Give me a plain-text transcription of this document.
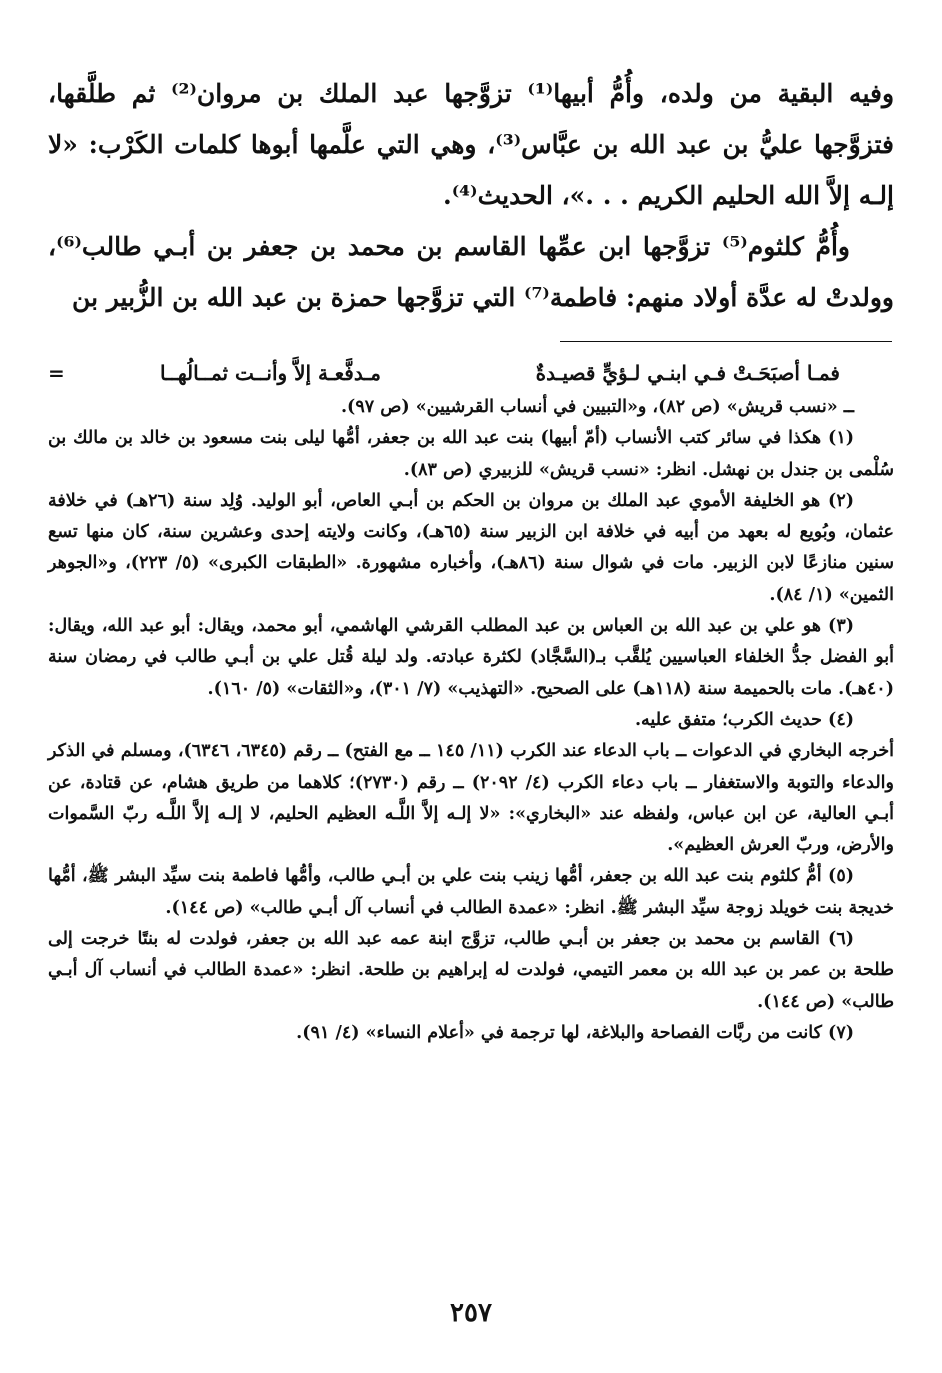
وفيه البقية من ولده، وأُمُّ أبيها⁽¹⁾ تزوَّجها عبد الملك بن مروان⁽²⁾ ثم طلَّقها، فتزوَّجها عليُّ بن عبد الله بن عبَّاس⁽³⁾، وهي التي علَّمها أبوها كلمات الكَرْب: «لا إلـه إلاَّ الله الحليم الكريم . . .»، الحديث⁽⁴⁾.

وأُمُّ كلثوم⁽⁵⁾ تزوَّجها ابن عمِّها القاسم بن محمد بن جعفر بن أبـي طالب⁽⁶⁾، وولدتْ له عدَّة أولاد منهم: فاطمة⁽⁷⁾ التي تزوَّجها حمزة بن عبد الله بن الزُّبير بن

فمـا أصبَحَـتْ فـي ابنـي لـؤيٍّ قصيـدةٌ
مـدفَّعـة إلاَّ وأنــت ثمــالُهــا
=

ــ «نسب قريش» (ص ٨٢)، و«التبيين في أنساب القرشيين» (ص ٩٧).

(١) هكذا في سائر كتب الأنساب (أمّ أبيها) بنت عبد الله بن جعفر، أمُّها ليلى بنت مسعود بن خالد بن مالك بن سُلْمى بن جندل بن نهشل. انظر: «نسب قريش» للزبيري (ص ٨٣).

(٢) هو الخليفة الأموي عبد الملك بن مروان بن الحكم بن أبـي العاص، أبو الوليد. وُلِد سنة (٢٦هـ) في خلافة عثمان، وبُويع له بعهد من أبيه في خلافة ابن الزبير سنة (٦٥هـ)، وكانت ولايته إحدى وعشرين سنة، كان منها تسع سنين منازعًا لابن الزبير. مات في شوال سنة (٨٦هـ)، وأخباره مشهورة. «الطبقات الكبرى» (٥/ ٢٢٣)، و«الجوهر الثمين» (١/ ٨٤).

(٣) هو علي بن عبد الله بن العباس بن عبد المطلب القرشي الهاشمي، أبو محمد، ويقال: أبو عبد الله، ويقال: أبو الفضل جدُّ الخلفاء العباسيين يُلقَّب بـ(السَّجَّاد) لكثرة عبادته. ولد ليلة قُتل علي بن أبـي طالب في رمضان سنة (٤٠هـ). مات بالحميمة سنة (١١٨هـ) على الصحيح. «التهذيب» (٧/ ٣٠١)، و«الثقات» (٥/ ١٦٠).

(٤) حديث الكرب؛ متفق عليه.

أخرجه البخاري في الدعوات ــ باب الدعاء عند الكرب (١١/ ١٤٥ ــ مع الفتح) ــ رقم (٦٣٤٥، ٦٣٤٦)، ومسلم في الذكر والدعاء والتوبة والاستغفار ــ باب دعاء الكرب (٤/ ٢٠٩٢) ــ رقم (٢٧٣٠)؛ كلاهما من طريق هشام، عن قتادة، عن أبـي العالية، عن ابن عباس، ولفظه عند «البخاري»: «لا إلـه إلاَّ اللَّـه العظيم الحليم، لا إلـه إلاَّ اللَّـه ربّ السَّموات والأرض، وربّ العرش العظيم».

(٥) أمُّ كلثوم بنت عبد الله بن جعفر، أمُّها زينب بنت علي بن أبـي طالب، وأمُّها فاطمة بنت سيِّد البشر ﷺ، أمُّها خديجة بنت خويلد زوجة سيِّد البشر ﷺ. انظر: «عمدة الطالب في أنساب آل أبـي طالب» (ص ١٤٤).

(٦) القاسم بن محمد بن جعفر بن أبـي طالب، تزوَّج ابنة عمه عبد الله بن جعفر، فولدت له بنتًا خرجت إلى طلحة بن عمر بن عبد الله بن معمر التيمي، فولدت له إبراهيم بن طلحة. انظر: «عمدة الطالب في أنساب آل أبـي طالب» (ص ١٤٤).

(٧) كانت من ربَّات الفصاحة والبلاغة، لها ترجمة في «أعلام النساء» (٤/ ٩١).

٢٥٧
